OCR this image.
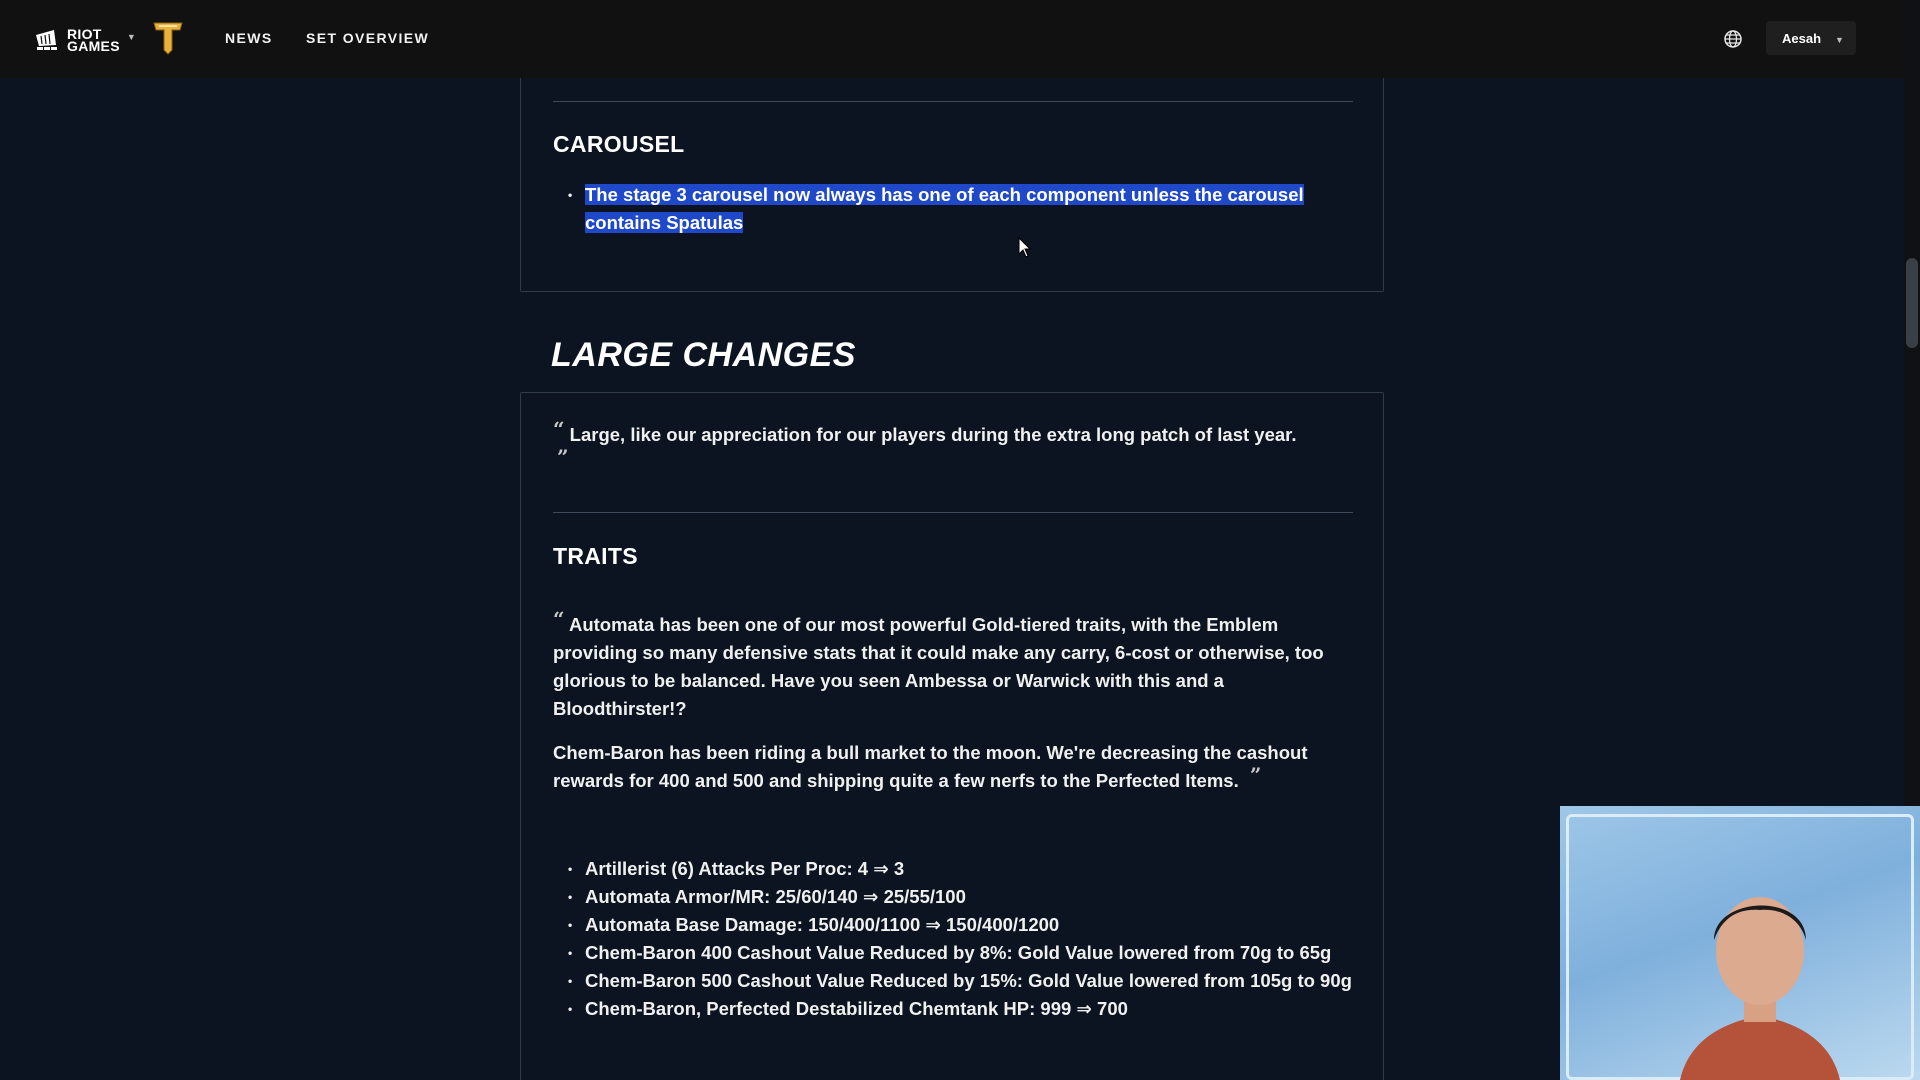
RIOT
GAMES
▼	NEWS SET OVERVIEW	Aesah ▼
CAROUSEL
• The stage 3 carousel now always has one of each component unless the carousel contains Spatulas
LARGE CHANGES

“ Large, like our appreciation for our players during the extra long patch of last year.
”

TRAITS

“ Automata has been one of our most powerful Gold-tiered traits, with the Emblem providing so many defensive stats that it could make any carry, 6-cost or otherwise, too glorious to be balanced. Have you seen Ambessa or Warwick with this and a Bloodthirster!?

Chem-Baron has been riding a bull market to the moon. We're decreasing the cashout rewards for 400 and 500 and shipping quite a few nerfs to the Perfected Items. ”

• Artillerist (6) Attacks Per Proc: 4 ⇒ 3
• Automata Armor/MR: 25/60/140 ⇒ 25/55/100
• Automata Base Damage: 150/400/1100 ⇒ 150/400/1200
• Chem-Baron 400 Cashout Value Reduced by 8%: Gold Value lowered from 70g to 65g
• Chem-Baron 500 Cashout Value Reduced by 15%: Gold Value lowered from 105g to 90g
• Chem-Baron, Perfected Destabilized Chemtank HP: 999 ⇒ 700
